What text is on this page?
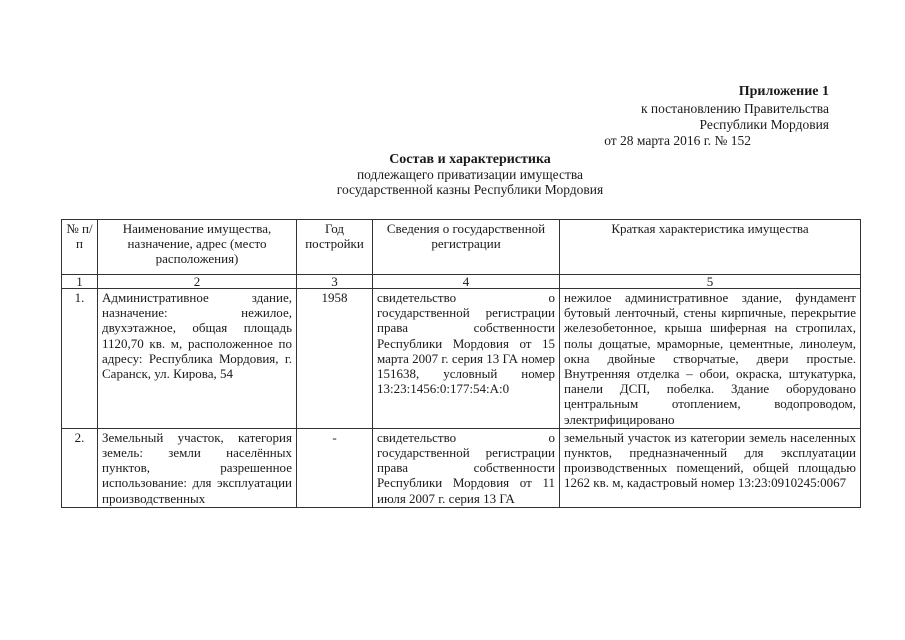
Приложение 1
к постановлению Правительства
Республики Мордовия
от 28 марта 2016 г. № 152
Состав и характеристика
подлежащего приватизации имущества
государственной казны Республики Мордовия
№ п/п	Наименование имущества, назначение, адрес (место расположения)	Год постройки	Сведения о государственной регистрации	Краткая характеристика имущества
1	2	3	4	5
1.	Административное здание, назначение: нежилое, двухэтажное, общая площадь 1120,70 кв. м, расположенное по адресу: Республика Мордовия, г. Саранск, ул. Кирова, 54	1958	свидетельство о государственной регистрации права собственности Республики Мордовия от 15 марта 2007 г. серия 13 ГА номер 151638, условный номер 13:23:1456:0:177:54:А:0	нежилое административное здание, фундамент бутовый ленточный, стены кирпичные, перекрытие железобетонное, крыша шиферная на стропилах, полы дощатые, мраморные, цементные, линолеум, окна двойные створчатые, двери простые. Внутренняя отделка – обои, окраска, штукатурка, панели ДСП, побелка. Здание оборудовано центральным отоплением, водопроводом, электрифицировано
2.	Земельный участок, категория земель: земли населённых пунктов, разрешенное использование: для эксплуатации производственных	-	свидетельство о государственной регистрации права собственности Республики Мордовия от 11 июля 2007 г. серия 13 ГА	земельный участок из категории земель населенных пунктов, предназначенный для эксплуатации производственных помещений, общей площадью 1262 кв. м, кадастровый номер 13:23:0910245:0067
